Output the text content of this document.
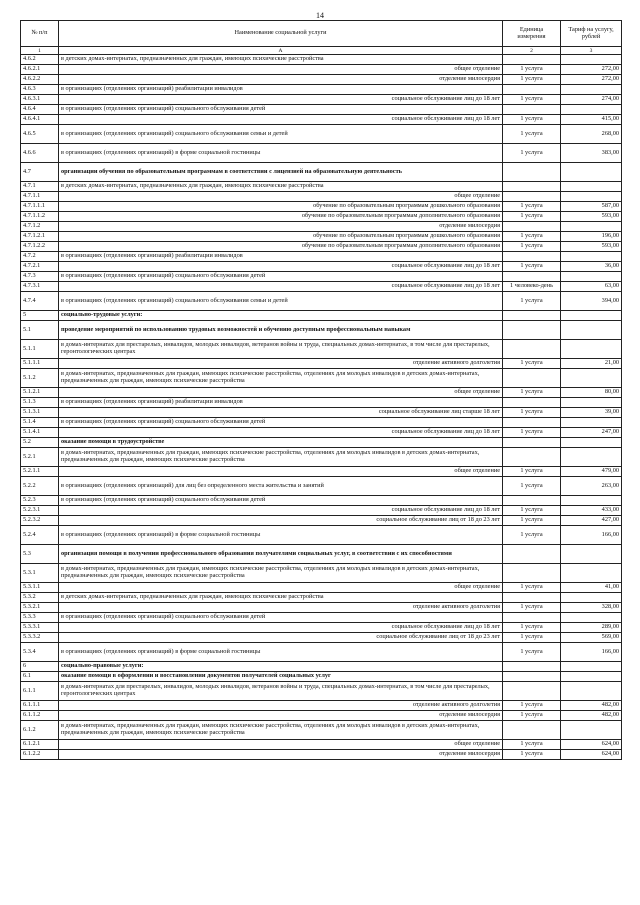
14
№ п/п	Наименование социальной услуги	Единица измерения	Тариф на услугу, рублей
1	A	2	3
4.6.2	в детских домах-интернатах, предназначенных для граждан, имеющих психические расстройства		
4.6.2.1	общее отделение	1 услуга	272,00
4.6.2.2	отделение милосердия	1 услуга	272,00
4.6.3	в организациях (отделениях организаций) реабилитации инвалидов		
4.6.3.1	социальное обслуживание лиц до 18 лет	1 услуга	274,00
4.6.4	в организациях (отделениях организаций) социального обслуживания детей		
4.6.4.1	социальное обслуживание лиц до 18 лет	1 услуга	415,00
4.6.5	в организациях (отделениях организаций) социального обслуживания семьи и детей	1 услуга	268,00
4.6.6	в организациях (отделениях организаций) в форме социальной гостиницы	1 услуга	383,00
4.7	организации обучения по образовательным программам в соответствии с лицензией на образовательную деятельность		
4.7.1	в детских домах-интернатах, предназначенных для граждан, имеющих психические расстройства		
4.7.1.1	общее отделение		
4.7.1.1.1	обучение по образовательным программам дошкольного образования	1 услуга	587,00
4.7.1.1.2	обучение по образовательным программам дополнительного образования	1 услуга	593,00
4.7.1.2	отделение милосердия		
4.7.1.2.1	обучение по образовательным программам дошкольного образования	1 услуга	196,00
4.7.1.2.2	обучение по образовательным программам дополнительного образования	1 услуга	593,00
4.7.2	в организациях (отделениях организаций) реабилитации инвалидов		
4.7.2.1	социальное обслуживание лиц до 18 лет	1 услуга	36,00
4.7.3	в организациях (отделениях организаций) социального обслуживания детей		
4.7.3.1	социальное обслуживание лиц до 18 лет	1 человеко-день	63,00
4.7.4	в организациях (отделениях организаций) социального обслуживания семьи и детей	1 услуга	394,00
5	социально-трудовые услуги:		
5.1	проведение мероприятий по использованию трудовых возможностей и обучению доступным профессиональным навыкам		
5.1.1	в домах-интернатах для престарелых, инвалидов, молодых инвалидов, ветеранов войны и труда, специальных домах-интернатах, в том числе для престарелых, геронтологических центрах		
5.1.1.1	отделение активного долголетия	1 услуга	21,00
5.1.2	в домах-интернатах, предназначенных для граждан, имеющих психические расстройства, отделениях для молодых инвалидов в детских домах-интернатах, предназначенных для граждан, имеющих психические расстройства		
5.1.2.1	общее отделение	1 услуга	80,00
5.1.3	в организациях (отделениях организаций) реабилитации инвалидов		
5.1.3.1	социальное обслуживание лиц старше 18 лет	1 услуга	39,00
5.1.4	в организациях (отделениях организаций) социального обслуживания детей		
5.1.4.1	социальное обслуживание лиц до 18 лет	1 услуга	247,00
5.2	оказание помощи в трудоустройстве		
5.2.1	в домах-интернатах, предназначенных для граждан, имеющих психические расстройства, отделениях для молодых инвалидов в детских домах-интернатах, предназначенных для граждан, имеющих психические расстройства		
5.2.1.1	общее отделение	1 услуга	479,00
5.2.2	в организациях (отделениях организаций) для лиц без определенного места жительства и занятий	1 услуга	263,00
5.2.3	в организациях (отделениях организаций) социального обслуживания детей		
5.2.3.1	социальное обслуживание лиц до 18 лет	1 услуга	433,00
5.2.3.2	социальное обслуживание лиц от 18 до 23 лет	1 услуга	427,00
5.2.4	в организациях (отделениях организаций) в форме социальной гостиницы	1 услуга	166,00
5.3	организация помощи в получении профессионального образования получателями социальных услуг, в соответствии с их способностями		
5.3.1	в домах-интернатах, предназначенных для граждан, имеющих психические расстройства, отделениях для молодых инвалидов в детских домах-интернатах, предназначенных для граждан, имеющих психические расстройства		
5.3.1.1	общее отделение	1 услуга	41,00
5.3.2	в детских домах-интернатах, предназначенных для граждан, имеющих психические расстройства		
5.3.2.1	отделение активного долголетия	1 услуга	328,00
5.3.3	в организациях (отделениях организаций) социального обслуживания детей		
5.3.3.1	социальное обслуживание лиц до 18 лет	1 услуга	289,00
5.3.3.2	социальное обслуживание лиц от 18 до 23 лет	1 услуга	569,00
5.3.4	в организациях (отделениях организаций) в форме социальной гостиницы	1 услуга	166,00
6	социально-правовые услуги:		
6.1	оказание помощи в оформлении и восстановлении документов получателей социальных услуг		
6.1.1	в домах-интернатах для престарелых, инвалидов, молодых инвалидов, ветеранов войны и труда, специальных домах-интернатах, в том числе для престарелых, геронтологических центрах		
6.1.1.1	отделение активного долголетия	1 услуга	482,00
6.1.1.2	отделение милосердия	1 услуга	482,00
6.1.2	в домах-интернатах, предназначенных для граждан, имеющих психические расстройства, отделениях для молодых инвалидов в детских домах-интернатах, предназначенных для граждан, имеющих психические расстройства		
6.1.2.1	общее отделение	1 услуга	624,00
6.1.2.2	отделение милосердия	1 услуга	624,00
